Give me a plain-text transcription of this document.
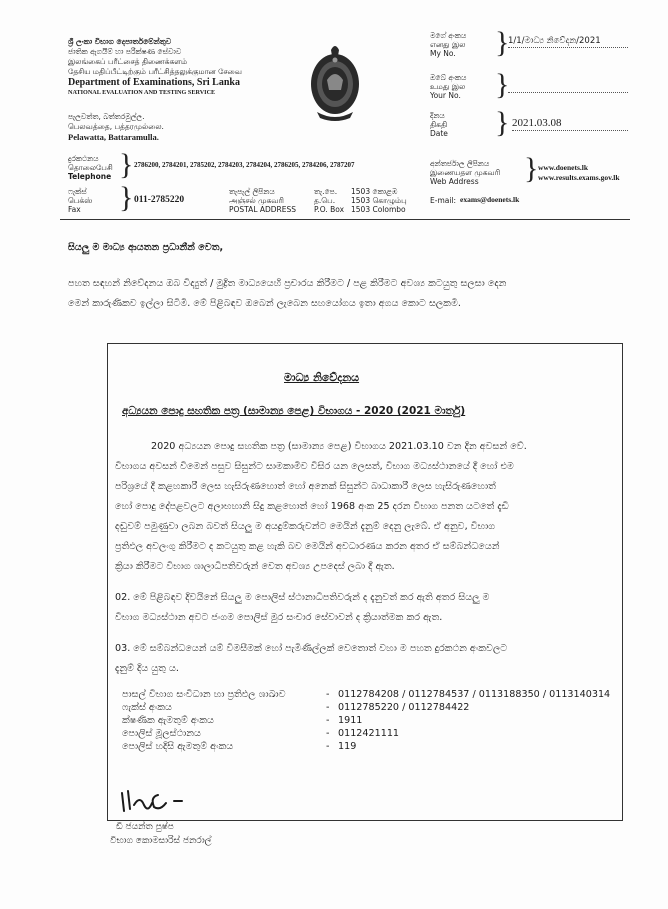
ශ්‍රී ලංකා විභාග දෙපාර්තමේන්තුව
ජාතික ඇගයීම් හා පරීක්ෂණ සේවාව
இலங்கைப் பரீட்சைத் திணைக்களம்
தேசிய மதிப்பீட்டிற்கும் பரீட்சித்தலுக்குமான சேவை
Department of Examinations, Sri Lanka
NATIONAL EVALUATION AND TESTING SERVICE
පැලවත්ත, බත්තරමුල්ල.
பெலவத்தை, பத்தரமுல்லை.
Pelawatta, Battaramulla.
මගේ අංකය
எனது இல
My No. }
1/1/මාධ්‍ය නිවේදන/2021
ඔබේ අංකය
உமது இல
Your No. }
දිනය
திகதி
Date } 2021.03.08
දුරකථනය
தொலைபேசி
Telephone } 2786200, 2784201, 2785202, 2784203, 2784204, 2786205, 2784206, 2787207
ෆැක්ස්
பெக்ஸ்
Fax } 011-2785220
තැපැල් ලිපිනය
அஞ்சல் முகவரி
POSTAL ADDRESS
තැ.පෙ.
த.பெ.
P.O. Box
1503 කොළඹ
1503 கொழும்பு
1503 Colombo
අන්තර්ජාල ලිපිනය
இணையதள முகவரி
Web Address } www.doenets.lk
www.results.exams.gov.lk
E-mail: exams@doenets.lk
සියලු ම මාධ්‍ය ආයතන ප්‍රධානීන් වෙත,
පහත සඳහන් නිවේදනය ඔබ විද්‍යුත් / මුද්‍රිත මාධ්‍යයෙහි ප්‍රචාරය කිරීමට / පළ කිරීමට අවශ්‍ය කටයුතු සලසා දෙන
මෙන් කාරුණිකව ඉල්ලා සිටිමි. මේ පිළිබඳව ඔබෙන් ලැබෙන සහයෝගය ඉතා අගය කොට සලකමි.
මාධ්‍ය නිවේදනය
අධ්‍යයන පොදු සහතික පත්‍ර (සාමාන්‍ය පෙළ) විභාගය - 2020 (2021 මාර්තු)
2020 අධ්‍යයන පොදු සහතික පත්‍ර (සාමාන්‍ය පෙළ) විභාගය 2021.03.10 වන දින අවසන් වේ.
විභාගය අවසන් වීමෙන් පසුව සිසුන්ට සාමකාමීව විසිර යන ලෙසත්, විභාග මධ්‍යස්ථානයේ දී හෝ එම
පරිශ්‍රයේ දී කළහකාරී ලෙස හැසිරුණහොත් හෝ අනෙක් සිසුන්ට බාධාකාරී ලෙස හැසිරුණහොත්
හෝ පොදු දේපළවලට අලාභහානි සිදු කළහොත් හෝ 1968 අංක 25 දරන විභාග පනත යටතේ දැඩි
දඬුවම් පමුණුවා ලබන බවත් සියලු ම අයදුම්කරුවන්ට මෙයින් දැනුම් දෙනු ලැබේ. ඒ අනුව, විභාග
ප්‍රතිඵල අවලංගු කිරීමට ද කටයුතු කළ හැකි බව මෙයින් අවධාරණය කරන අතර ඒ සම්බන්ධයෙන්
ක්‍රියා කිරීමට විභාග ශාලාධිපතිවරුන් වෙත අවශ්‍ය උපදෙස් ලබා දී ඇත.
02. මේ පිළිබඳව දිවයිනේ සියලු ම පොලිස් ස්ථානාධිපතිවරුන් ද දැනුවත් කර ඇති අතර සියලු ම
විභාග මධ්‍යස්ථාන අවට ජංගම පොලිස් මුර සංචාර සේවාවන් ද ක්‍රියාත්මක කර ඇත.
03. මේ සම්බන්ධයෙන් යම් විමසීමක් හෝ පැමිණිල්ලක් වෙතොත් වහා ම පහත දුරකථන අංකවලට
දැනුම් දිය යුතු ය.
පාසල් විභාග සංවිධාන හා ප්‍රතිඵල ශාඛාව	- 0112784208 / 0112784537 / 0113188350 / 0113140314
ෆැක්ස් අංකය	- 0112785220 / 0112784422
ක්ෂණික ඇමතුම් අංකය	- 1911
පොලිස් මූලස්ථානය	- 0112421111
පොලිස් හදිසි ඇමතුම් අංකය	- 119
ඩී ජයන්ත පුෂ්ප
විභාග කොමසාරිස් ජනරාල්
